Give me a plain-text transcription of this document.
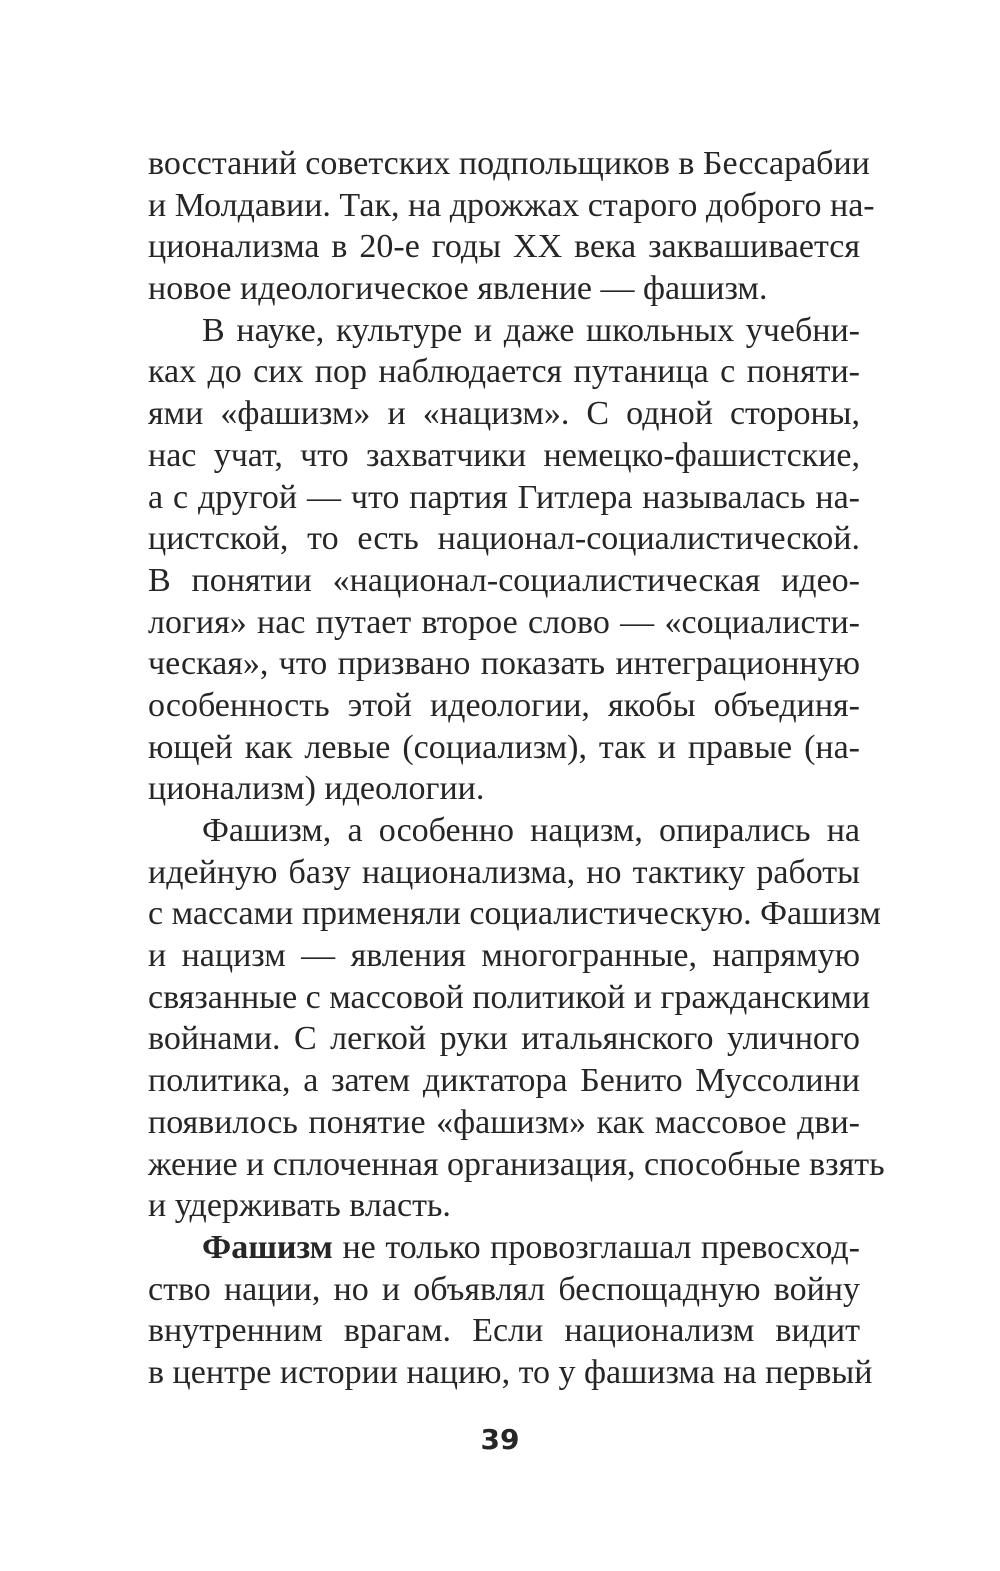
восстаний советских подпольщиков в Бессарабии
и Молдавии. Так, на дрожжах старого доброго на-
ционализма в 20-е годы XX века заквашивается
новое идеологическое явление — фашизм.
В науке, культуре и даже школьных учебни-
ках до сих пор наблюдается путаница с поняти-
ями «фашизм» и «нацизм». С одной стороны,
нас учат, что захватчики немецко-фашистские,
а с другой — что партия Гитлера называлась на-
цистской, то есть национал-социалистической.
В понятии «национал-социалистическая идео-
логия» нас путает второе слово — «социалисти-
ческая», что призвано показать интеграционную
особенность этой идеологии, якобы объединя-
ющей как левые (социализм), так и правые (на-
ционализм) идеологии.
Фашизм, а особенно нацизм, опирались на
идейную базу национализма, но тактику работы
с массами применяли социалистическую. Фашизм
и нацизм — явления многогранные, напрямую
связанные с массовой политикой и гражданскими
войнами. С легкой руки итальянского уличного
политика, а затем диктатора Бенито Муссолини
появилось понятие «фашизм» как массовое дви-
жение и сплоченная организация, способные взять
и удерживать власть.
Фашизм не только провозглашал превосход-
ство нации, но и объявлял беспощадную войну
внутренним врагам. Если национализм видит
в центре истории нацию, то у фашизма на первый
39
